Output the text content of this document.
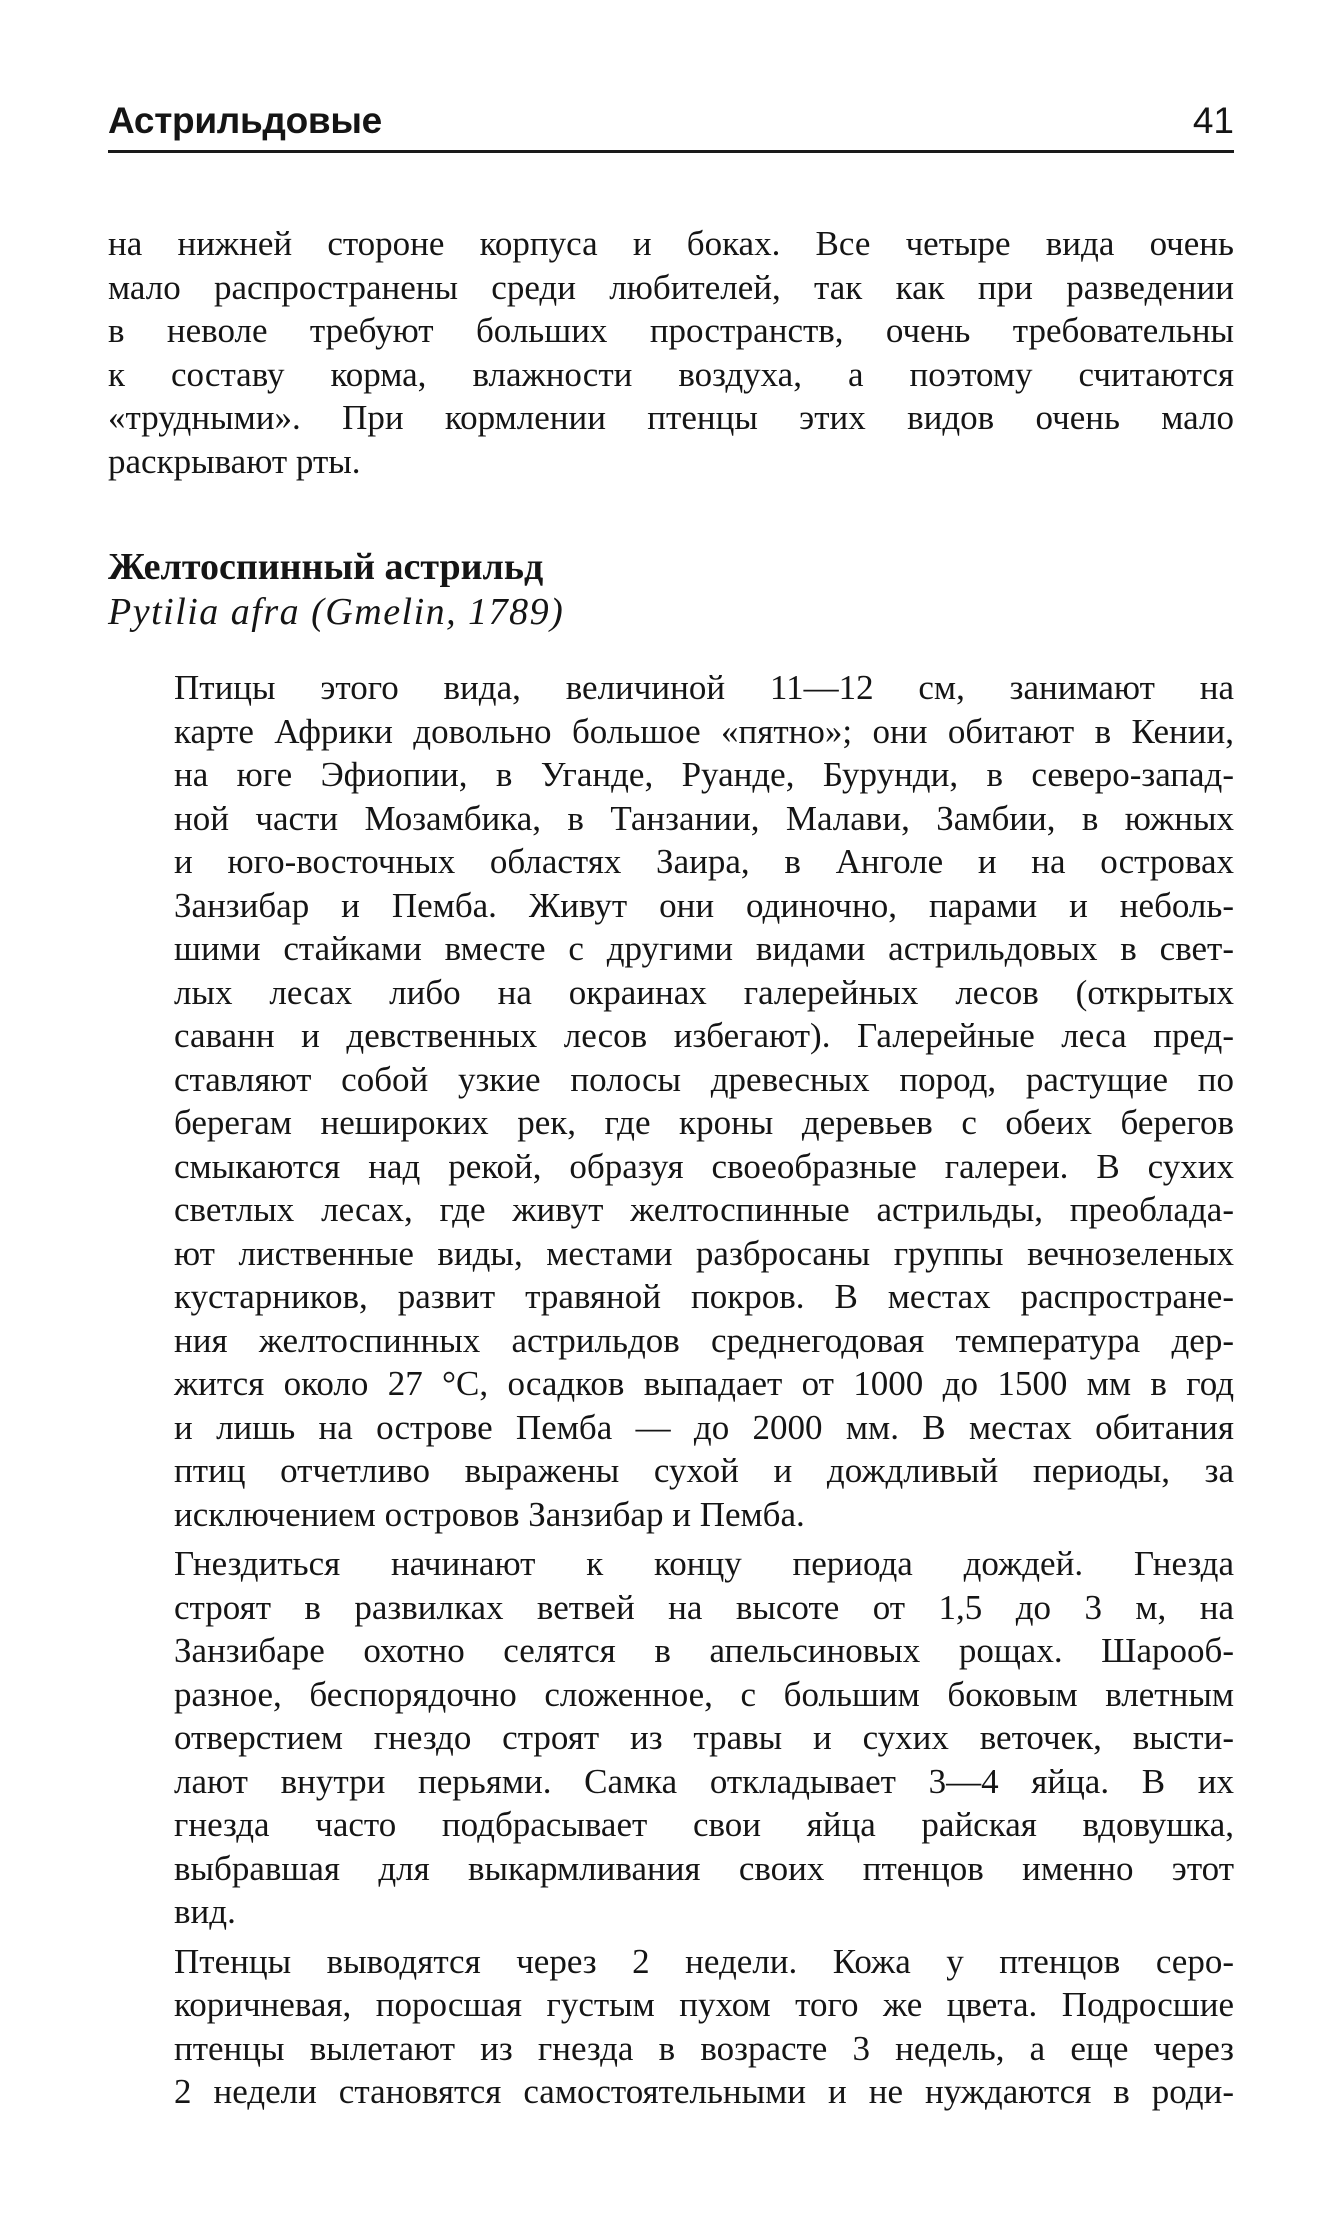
Астрильдовые	41

на нижней стороне корпуса и боках. Все четыре вида очень
мало распространены среди любителей, так как при разведении
в неволе требуют больших пространств, очень требовательны
к составу корма, влажности воздуха, а поэтому считаются
«трудными». При кормлении птенцы этих видов очень мало
раскрывают рты.

Желтоспинный астрильд
Pytilia afra (Gmelin, 1789)

Птицы этого вида, величиной 11—12 см, занимают на
карте Африки довольно большое «пятно»; они обитают в Кении,
на юге Эфиопии, в Уганде, Руанде, Бурунди, в северо-запад-
ной части Мозамбика, в Танзании, Малави, Замбии, в южных
и юго-восточных областях Заира, в Анголе и на островах
Занзибар и Пемба. Живут они одиночно, парами и неболь-
шими стайками вместе с другими видами астрильдовых в свет-
лых лесах либо на окраинах галерейных лесов (открытых
саванн и девственных лесов избегают). Галерейные леса пред-
ставляют собой узкие полосы древесных пород, растущие по
берегам нешироких рек, где кроны деревьев с обеих берегов
смыкаются над рекой, образуя своеобразные галереи. В сухих
светлых лесах, где живут желтоспинные астрильды, преоблада-
ют лиственные виды, местами разбросаны группы вечнозеленых
кустарников, развит травяной покров. В местах распростране-
ния желтоспинных астрильдов среднегодовая температура дер-
жится около 27 °С, осадков выпадает от 1000 до 1500 мм в год
и лишь на острове Пемба — до 2000 мм. В местах обитания
птиц отчетливо выражены сухой и дождливый периоды, за
исключением островов Занзибар и Пемба.

Гнездиться начинают к концу периода дождей. Гнезда
строят в развилках ветвей на высоте от 1,5 до 3 м, на
Занзибаре охотно селятся в апельсиновых рощах. Шарооб-
разное, беспорядочно сложенное, с большим боковым влетным
отверстием гнездо строят из травы и сухих веточек, высти-
лают внутри перьями. Самка откладывает 3—4 яйца. В их
гнезда часто подбрасывает свои яйца райская вдовушка,
выбравшая для выкармливания своих птенцов именно этот
вид.

Птенцы выводятся через 2 недели. Кожа у птенцов серо-
коричневая, поросшая густым пухом того же цвета. Подросшие
птенцы вылетают из гнезда в возрасте 3 недель, а еще через
2 недели становятся самостоятельными и не нуждаются в роди-
